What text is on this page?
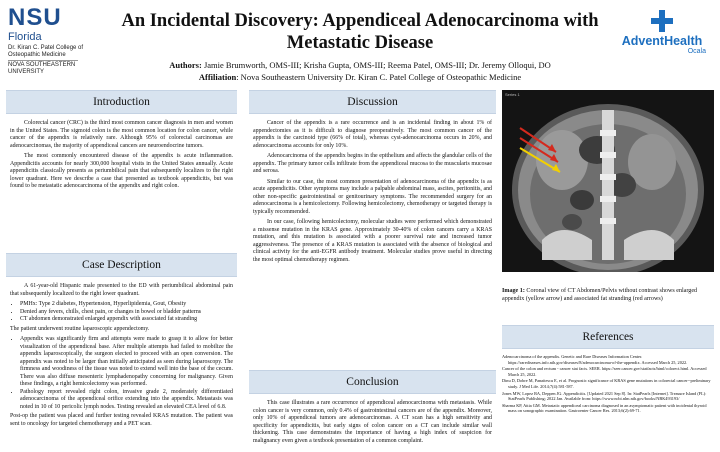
NSU
Florida
Dr. Kiran C. Patel College of Osteopathic Medicine
NOVA SOUTHEASTERN UNIVERSITY
An Incidental Discovery: Appendiceal Adenocarcinoma with
Metastatic Disease
Authors: Jamie Brumworth, OMS-III; Krisha Gupta, OMS-III; Reema Patel, OMS-III; Dr. Jeremy Olloqui, DO
Affiliation: Nova Southeastern University Dr. Kiran C. Patel College of Osteopathic Medicine
AdventHealth
Ocala
Introduction

Colorectal cancer (CRC) is the third most common cancer diagnosis in men and women in the United States. The sigmoid colon is the most common location for colon cancer, while cancer of the appendix is relatively rare. Although 95% of colorectal carcinomas are adenocarcinomas, the majority of appendiceal cancers are neuroendocrine tumors.

The most commonly encountered disease of the appendix is acute inflammation. Appendicitis accounts for nearly 300,000 hospital visits in the United States annually. Acute appendicitis classically presents as periumbilical pain that subsequently localizes to the right lower quadrant. Here we describe a case that presented as textbook appendicitis, but was found to be metastatic adenocarcinoma of the appendix and right colon.

Case Description

A 61-year-old Hispanic male presented to the ED with periumbilical abdominal pain that subsequently localized to the right lower quadrant.

• PMHx: Type 2 diabetes, Hypertension, Hyperlipidemia, Gout, Obesity
• Denied any fevers, chills, chest pain, or changes in bowel or bladder patterns
• CT abdomen demonstrated enlarged appendix with associated fat stranding

The patient underwent routine laparoscopic appendectomy.

• Appendix was significantly firm and attempts were made to grasp it to allow for better visualization of the appendiceal base. After multiple attempts had failed to mobilize the appendix laparoscopically, the surgeon elected to proceed with an open conversion. The appendix was noted to be larger than initially anticipated as seen during laparoscopy. The firmness and woodiness of the tissue was noted to extend well into the base of the cecum. There was also diffuse mesenteric lymphadenopathy concerning for malignancy. Given these findings, a right hemicolectomy was performed.
• Pathology report revealed right colon, invasive grade 2, moderately differentiated adenocarcinoma of the appendiceal orifice extending into the appendix. Metastasis was noted in 10 of 10 pericolic lymph nodes. Testing revealed an elevated CEA level of 6.8.

Post-op the patient was placed and further testing revealed KRAS mutation. The patient was sent to oncology for targeted chemotherapy and a PET scan.

Discussion

Cancer of the appendix is a rare occurrence and is an incidental finding in about 1% of appendectomies as it is difficult to diagnose preoperatively. The most common cancer of the appendix is the carcinoid type (66% of total), whereas cyst-adenocarcinoma occurs in 20%, and adenocarcinoma accounts for only 10%.

Adenocarcinoma of the appendix begins in the epithelium and affects the glandular cells of the appendix. The primary tumor cells infiltrate from the appendiceal mucosa to the muscularis mucosae and serosa.

Similar to our case, the most common presentation of adenocarcinoma of the appendix is as acute appendicitis. Other symptoms may include a palpable abdominal mass, ascites, peritonitis, and other non-specific gastrointestinal or genitourinary symptoms. The recommended surgery for an adenocarcinoma is a hemicolectomy. Following hemicolectomy, chemotherapy or targeted therapy is typically recommended.

In our case, following hemicolectomy, molecular studies were performed which demonstrated a missense mutation in the KRAS gene. Approximately 30-40% of colon cancers carry a KRAS mutation, and this mutation is associated with a poorer survival rate and increased tumor aggressiveness. The presence of a KRAS mutation is associated with the absence of biological and clinical activity for the anti-EGFR antibody treatment. Molecular studies prove useful in directing the most optimal chemotherapy regimen.

Conclusion

This case illustrates a rare occurrence of appendiceal adenocarcinoma with metastasis. While colon cancer is very common, only 0.4% of gastrointestinal cancers are of the appendix. Moreover, only 10% of appendiceal tumors are adenocarcinomas. A CT scan has a high sensitivity and specificity for appendicitis, but early signs of colon cancer on a CT can include similar wall thickening. This case demonstrates the importance of having a high index of suspicion for malignancy even given a textbook presentation of a common complaint.

Series 1
Image 1: Coronal view of CT Abdomen/Pelvis without contrast shows enlarged appendix (yellow arrow) and associated fat stranding (red arrows)
References
Adenocarcinoma of the appendix. Genetic and Rare Diseases Information Center. https://rarediseases.info.nih.gov/diseases/8/adenocarcinoma-of-the-appendix. Accessed March 25, 2022.
Cancer of the colon and rectum - cancer stat facts. SEER. https://seer.cancer.gov/statfacts/html/colorect.html. Accessed March 25, 2022.
Dinu D, Dobre M, Panaitescu E, et al. Prognostic significance of KRAS gene mutations in colorectal cancer--preliminary study. J Med Life. 2014;7(4):581-587.
Jones MW, Lopez RA, Deppen JG. Appendicitis. [Updated 2021 Sep 8]. In: StatPearls [Internet]. Treasure Island (FL): StatPearls Publishing; 2022 Jan. Available from: https://www.ncbi.nlm.nih.gov/books/NBK493193/
Sharma KP, Attia GM. Metastatic appendiceal carcinoma diagnosed in an asymptomatic patient with incidental thyroid mass on sonographic examination. Gastroenter Cancer Res. 2013;6(2):69-71.
